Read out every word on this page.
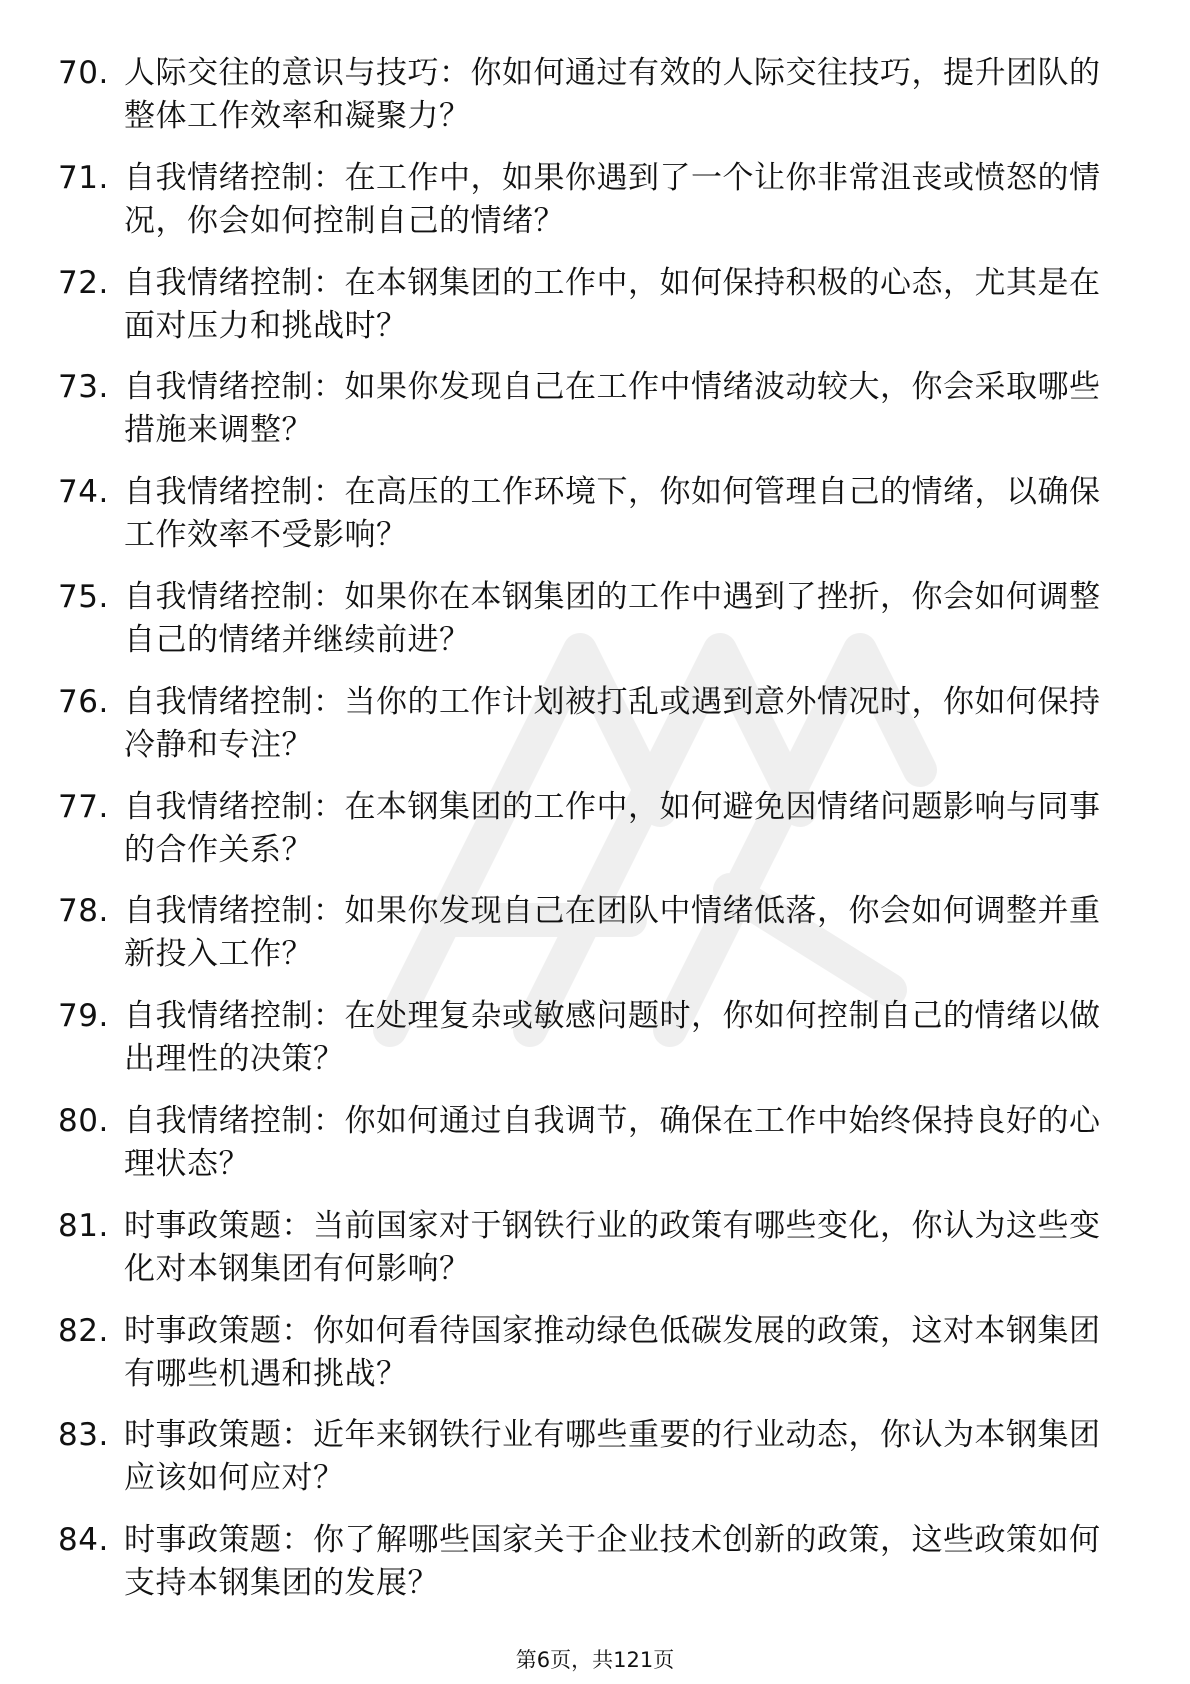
70. 人际交往的意识与技巧：你如何通过有效的人际交往技巧，提升团队的整体工作效率和凝聚力？
71. 自我情绪控制：在工作中，如果你遇到了一个让你非常沮丧或愤怒的情况，你会如何控制自己的情绪？
72. 自我情绪控制：在本钢集团的工作中，如何保持积极的心态，尤其是在面对压力和挑战时？
73. 自我情绪控制：如果你发现自己在工作中情绪波动较大，你会采取哪些措施来调整？
74. 自我情绪控制：在高压的工作环境下，你如何管理自己的情绪，以确保工作效率不受影响？
75. 自我情绪控制：如果你在本钢集团的工作中遇到了挫折，你会如何调整自己的情绪并继续前进？
76. 自我情绪控制：当你的工作计划被打乱或遇到意外情况时，你如何保持冷静和专注？
77. 自我情绪控制：在本钢集团的工作中，如何避免因情绪问题影响与同事的合作关系？
78. 自我情绪控制：如果你发现自己在团队中情绪低落，你会如何调整并重新投入工作？
79. 自我情绪控制：在处理复杂或敏感问题时，你如何控制自己的情绪以做出理性的决策？
80. 自我情绪控制：你如何通过自我调节，确保在工作中始终保持良好的心理状态？
81. 时事政策题：当前国家对于钢铁行业的政策有哪些变化，你认为这些变化对本钢集团有何影响？
82. 时事政策题：你如何看待国家推动绿色低碳发展的政策，这对本钢集团有哪些机遇和挑战？
83. 时事政策题：近年来钢铁行业有哪些重要的行业动态，你认为本钢集团应该如何应对？
84. 时事政策题：你了解哪些国家关于企业技术创新的政策，这些政策如何支持本钢集团的发展？
第6页，共121页
